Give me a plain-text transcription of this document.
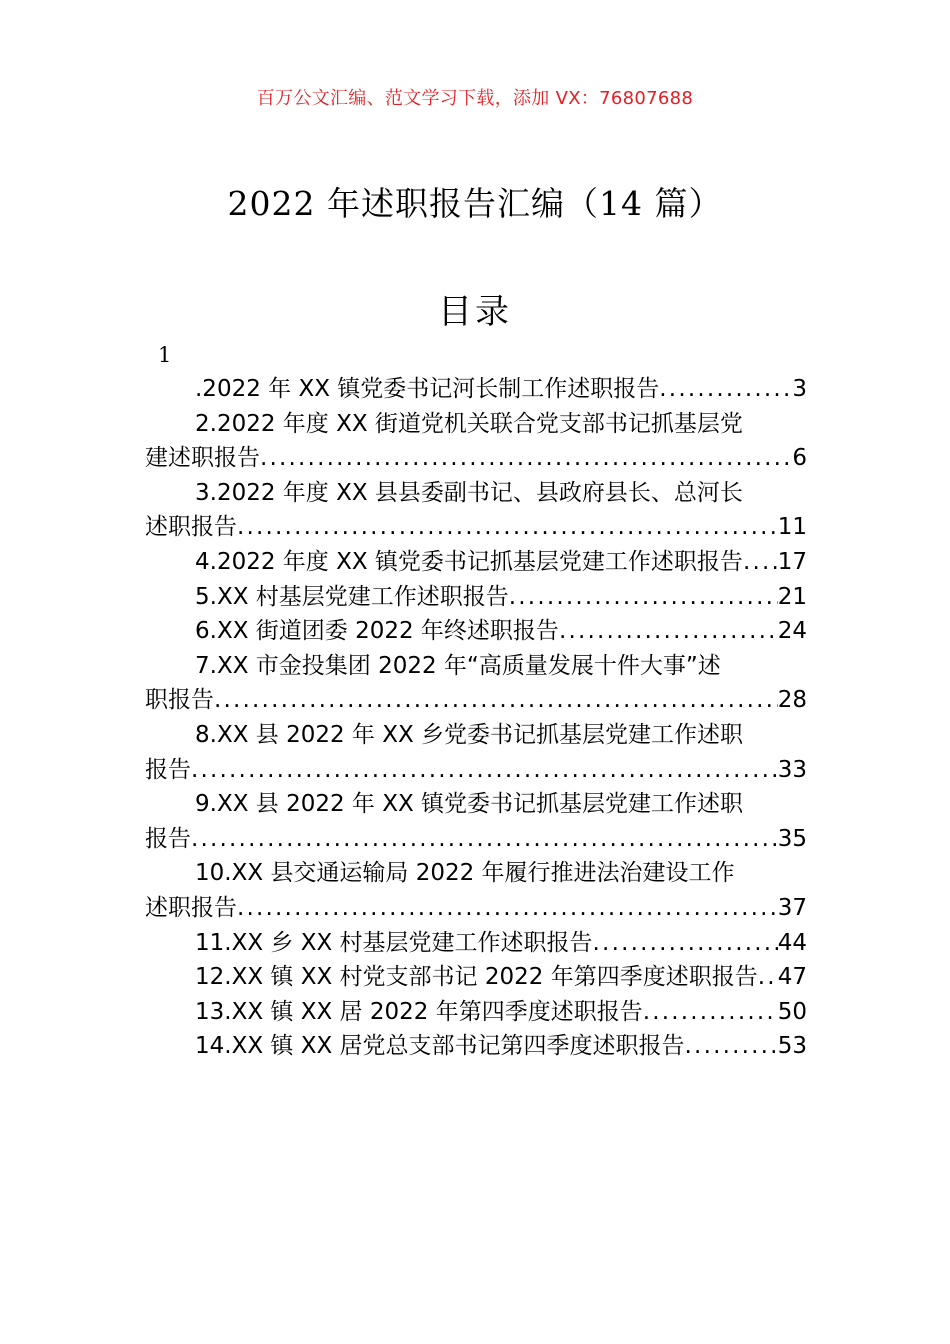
百万公文汇编、范文学习下载，添加 VX：76807688
2022 年述职报告汇编（14 篇）
目录
1
.2022 年 XX 镇党委书记河长制工作述职报告 .....	3
2.2022 年度 XX 街道党机关联合党支部书记抓基层党
建述职报告 .....	6
3.2022 年度 XX 县县委副书记、县政府县长、总河长
述职报告 .....	11
4.2022 年度 XX 镇党委书记抓基层党建工作述职报告 ..... 17
5.XX 村基层党建工作述职报告 .....	21
6.XX 街道团委 2022 年终述职报告 .....	24
7.XX 市金投集团 2022 年“高质量发展十件大事”述
职报告 .....	28
8.XX 县 2022 年 XX 乡党委书记抓基层党建工作述职
报告 .....	33
9.XX 县 2022 年 XX 镇党委书记抓基层党建工作述职
报告 .....	35
10.XX 县交通运输局 2022 年履行推进法治建设工作
述职报告 .....	37
11.XX 乡 XX 村基层党建工作述职报告 .....	44
12.XX 镇 XX 村党支部书记 2022 年第四季度述职报告 ..... 47
13.XX 镇 XX 居 2022 年第四季度述职报告 .....	50
14.XX 镇 XX 居党总支部书记第四季度述职报告 .....	53
